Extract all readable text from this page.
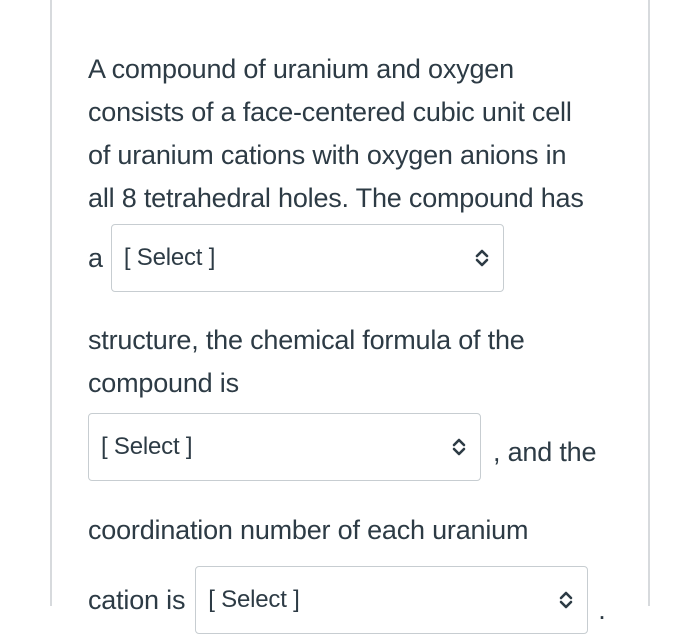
A compound of uranium and oxygen
consists of a face-centered cubic unit cell
of uranium cations with oxygen anions in
all 8 tetrahedral holes. The compound has
a [ Select ]
structure, the chemical formula of the
compound is
[ Select ]	, and the
coordination number of each uranium
cation is [ Select ]	.
